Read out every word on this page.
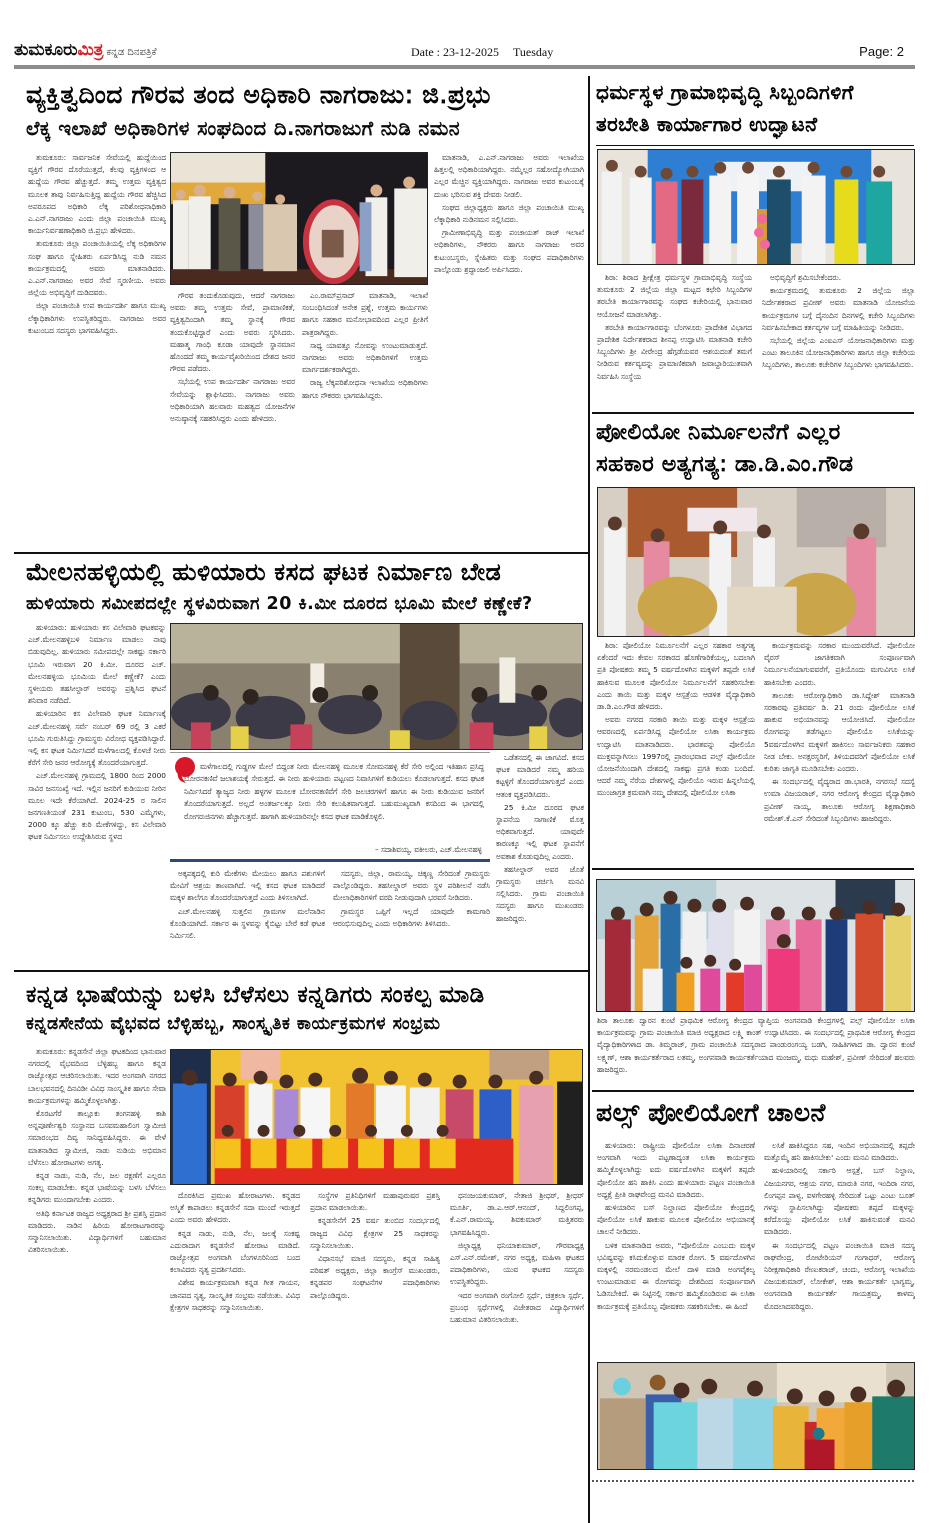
ತುಮಕೂರುಮಿತ್ರ ಕನ್ನಡ ದಿನಪತ್ರಿಕೆ	Date : 23-12-2025 Tuesday	Page: 2
ವ್ಯಕ್ತಿತ್ವದಿಂದ ಗೌರವ ತಂದ ಅಧಿಕಾರಿ ನಾಗರಾಜು: ಜಿ.ಪ್ರಭು
ಲೆಕ್ಕ ಇಲಾಖೆ ಅಧಿಕಾರಿಗಳ ಸಂಘದಿಂದ ದಿ.ನಾಗರಾಜುಗೆ ನುಡಿ ನಮನ

ತುಮಕೂರು: ಸಾರ್ವಜನಿಕ ಸೇವೆಯಲ್ಲಿ ಹುದ್ದೆಯಿಂದ ವ್ಯಕ್ತಿಗೆ ಗೌರವ ದೊರೆಯುತ್ತದೆ, ಕೆಲವು ವ್ಯಕ್ತಿಗಳಿಂದ ಆ ಹುದ್ದೆಯ ಗೌರವ ಹೆಚ್ಚುತ್ತದೆ. ತಮ್ಮ ಉತ್ತಮ ವ್ಯಕ್ತಿತ್ವದ ಮೂಲಕ ತಾವು ನಿರ್ವಹಿಸುತ್ತಿದ್ದ ಹುದ್ದೆಯ ಗೌರವ ಹೆಚ್ಚಿಸಿದ ಅಪರೂಪದ ಅಧಿಕಾರಿ ಲೆಕ್ಕ ಪರಿಶೋಧನಾಧಿಕಾರಿ ಎ.ಎನ್.ನಾಗರಾಜು ಎಂದು ಜಿಲ್ಲಾ ಪಂಚಾಯಿತಿ ಮುಖ್ಯ ಕಾರ್ಯನಿರ್ವಹಣಾಧಿಕಾರಿ ಜಿ.ಪ್ರಭು ಹೇಳಿದರು.

ತುಮಕೂರು ಜಿಲ್ಲಾ ಪಂಚಾಯಿತಿಯಲ್ಲಿ ಲೆಕ್ಕ ಅಧಿಕಾರಿಗಳ ಸಂಘ ಹಾಗೂ ಸ್ನೇಹಿತರು ಏರ್ಪಡಿಸಿದ್ದ ನುಡಿ ನಮನ ಕಾರ್ಯಕ್ರಮದಲ್ಲಿ ಅವರು ಮಾತನಾಡಿದರು. ಎ.ಎನ್.ನಾಗರಾಜು ಅವರ ಸೇವೆ ಸ್ಮರಣೀಯ. ಅವರು ಜಿಲ್ಲೆಯ ಅಭಿವೃದ್ಧಿಗೆ ದುಡಿದವರು.

ಜಿಲ್ಲಾ ಪಂಚಾಯಿತಿ ಉಪ ಕಾರ್ಯದರ್ಶಿ ಹಾಗೂ ಮುಖ್ಯ ಲೆಕ್ಕಾಧಿಕಾರಿಗಳು ಉಪಸ್ಥಿತರಿದ್ದರು. ನಾಗರಾಜು ಅವರ ಕುಟುಂಬದ ಸದಸ್ಯರು ಭಾಗವಹಿಸಿದ್ದರು.

ಗೌರವ ತಂದುಕೊಡುವುದು, ಆದರೆ ನಾಗರಾಜು ಅವರು ತಮ್ಮ ಉತ್ತಮ ಸೇವೆ, ಪ್ರಾಮಾಣಿಕತೆ, ವ್ಯಕ್ತಿತ್ವದಿಂದಾಗಿ ತಮ್ಮ ಸ್ಥಾನಕ್ಕೆ ಗೌರವ ತಂದುಕೊಟ್ಟಿದ್ದಾರೆ ಎಂದು ಅವರು ಸ್ಮರಿಸಿದರು. ಮಹಾತ್ಮ ಗಾಂಧಿ ಕೂಡಾ ಯಾವುದೇ ಸ್ಥಾನಮಾನ ಹೊಂದದೆ ತಮ್ಮ ಕಾರ್ಯವೈಖರಿಯಿಂದ ದೇಶದ ಜನರ ಗೌರವ ಪಡೆದರು.

ಸಭೆಯಲ್ಲಿ ಉಪ ಕಾರ್ಯದರ್ಶಿ ನಾಗರಾಜು ಅವರ ಸೇವೆಯನ್ನು ಶ್ಲಾಘಿಸಿದರು. ನಾಗರಾಜು ಅವರು ಅಧಿಕಾರಿಯಾಗಿ ಹಲವಾರು ಮಹತ್ವದ ಯೋಜನೆಗಳ ಅನುಷ್ಠಾನಕ್ಕೆ ಸಹಕರಿಸಿದ್ದರು ಎಂದು ಹೇಳಿದರು.

ಎಂ.ರಾಮ್‌ಪ್ರಸಾದ್ ಮಾತನಾಡಿ, ಇಲಾಖೆ ಸಂಬಂಧಿಸಿದಂತೆ ಅನೇಕ ಪ್ರಶ್ನೆ, ಉತ್ತಮ ಕಾರ್ಯಗಳು ಹಾಗೂ ಸಹಕಾರ ಮನೋಭಾವದಿಂದ ಎಲ್ಲರ ಪ್ರೀತಿಗೆ ಪಾತ್ರರಾಗಿದ್ದರು.

ಸಾಧ್ಯ ಯಾವತ್ತೂ ನೋವನ್ನು ಉಂಟುಮಾಡುತ್ತದೆ. ನಾಗರಾಜು ಅವರು ಅಧಿಕಾರಿಗಳಿಗೆ ಉತ್ತಮ ಮಾರ್ಗದರ್ಶಕರಾಗಿದ್ದರು.

ರಾಜ್ಯ ಲೆಕ್ಕಪರಿಶೋಧನಾ ಇಲಾಖೆಯ ಅಧಿಕಾರಿಗಳು ಹಾಗೂ ನೌಕರರು ಭಾಗವಹಿಸಿದ್ದರು.

ಮಾತನಾಡಿ, ಎ.ಎನ್.ನಾಗರಾಜು ಅವರು ಇಲಾಖೆಯ ಹಿತ್ತಲಲ್ಲಿ ಅಧಿಕಾರಿಯಾಗಿದ್ದರು. ನಮ್ಮೆಲ್ಲರ ಸಹೋದ್ಯೋಗಿಯಾಗಿ ಎಲ್ಲರ ಮೆಚ್ಚಿನ ವ್ಯಕ್ತಿಯಾಗಿದ್ದರು. ನಾಗರಾಜು ಅವರ ಕುಟುಂಬಕ್ಕೆ ದುಃಖ ಭರಿಸುವ ಶಕ್ತಿ ದೇವರು ನೀಡಲಿ.

ಸಂಘದ ಜಿಲ್ಲಾಧ್ಯಕ್ಷರು ಹಾಗೂ ಜಿಲ್ಲಾ ಪಂಚಾಯಿತಿ ಮುಖ್ಯ ಲೆಕ್ಕಾಧಿಕಾರಿ ನುಡಿನಮನ ಸಲ್ಲಿಸಿದರು.

ಗ್ರಾಮೀಣಾಭಿವೃದ್ಧಿ ಮತ್ತು ಪಂಚಾಯತ್ ರಾಜ್ ಇಲಾಖೆ ಅಧಿಕಾರಿಗಳು, ನೌಕರರು ಹಾಗೂ ನಾಗರಾಜು ಅವರ ಕುಟುಂಬಸ್ಥರು, ಸ್ನೇಹಿತರು ಮತ್ತು ಸಂಘದ ಪದಾಧಿಕಾರಿಗಳು ಪಾಲ್ಗೊಂಡು ಶ್ರದ್ಧಾಂಜಲಿ ಅರ್ಪಿಸಿದರು.

ಧರ್ಮಸ್ಥಳ ಗ್ರಾಮಾಭಿವೃದ್ಧಿ ಸಿಬ್ಬಂದಿಗಳಿಗೆ
ತರಬೇತಿ ಕಾರ್ಯಾಗಾರ ಉದ್ಘಾಟನೆ

ಶಿರಾ: ಶಿರಾದ ಶ್ರೀಕ್ಷೇತ್ರ ಧರ್ಮಸ್ಥಳ ಗ್ರಾಮಾಭಿವೃದ್ಧಿ ಸಂಸ್ಥೆಯ ತುಮಕೂರು 2 ಜಿಲ್ಲೆಯ ಜಿಲ್ಲಾ ಮಟ್ಟದ ಕಛೇರಿ ಸಿಬ್ಬಂದಿಗಳ ತರಬೇತಿ ಕಾರ್ಯಾಗಾರವನ್ನು ಸಂಘದ ಕಚೇರಿಯಲ್ಲಿ ಭಾನುವಾರ ಆಯೋಜನೆ ಮಾಡಲಾಗಿತ್ತು.

ತರಬೇತಿ ಕಾರ್ಯಾಗಾರವನ್ನು ಬೆಂಗಳೂರು ಪ್ರಾದೇಶಿಕ ವಿಭಾಗದ ಪ್ರಾದೇಶಿಕ ನಿರ್ದೇಶಕರಾದ ಶೀನಪ್ಪ ಉದ್ಘಾಟಿಸಿ ಮಾತನಾಡಿ ಕಚೇರಿ ಸಿಬ್ಬಂದಿಗಳು ಶ್ರೀ ವೀರೇಂದ್ರ ಹೆಗ್ಗಡೆಯವರ ಆಶಯದಂತೆ ತಮಗೆ ನೀಡಿರುವ ಕರ್ತವ್ಯವನ್ನು ಪ್ರಾಮಾಣಿಕವಾಗಿ ಜವಾಬ್ದಾರಿಯುತವಾಗಿ ನಿರ್ವಹಿಸಿ ಸಂಸ್ಥೆಯ

ಅಭಿವೃದ್ಧಿಗೆ ಶ್ರಮಿಸಬೇಕೆಂದರು.

ಕಾರ್ಯಕ್ರಮದಲ್ಲಿ ತುಮಕೂರು 2 ಜಿಲ್ಲೆಯ ಜಿಲ್ಲಾ ನಿರ್ದೇಶಕರಾದ ಪ್ರವೀಣ್ ಅವರು ಮಾತನಾಡಿ ಯೋಜನೆಯ ಕಾರ್ಯಕ್ರಮಗಳ ಬಗ್ಗೆ ದೈನಂದಿನ ದಿನಗಳಲ್ಲಿ ಕಚೇರಿ ಸಿಬ್ಬಂದಿಗಳು ನಿರ್ವಹಿಸಬೇಕಾದ ಕರ್ತವ್ಯಗಳ ಬಗ್ಗೆ ಮಾಹಿತಿಯನ್ನು ನೀಡಿದರು.

ಸಭೆಯಲ್ಲಿ ಜಿಲ್ಲೆಯ ಎಂಐಎಸ್ ಯೋಜನಾಧಿಕಾರಿಗಳು ಮತ್ತು ಎಂಟು ತಾಲೂಕಿನ ಯೋಜನಾಧಿಕಾರಿಗಳು ಹಾಗೂ ಜಿಲ್ಲಾ ಕಚೇರಿಯ ಸಿಬ್ಬಂದಿಗಳು, ತಾಲೂಕು ಕಚೇರಿಗಳ ಸಿಬ್ಬಂದಿಗಳು ಭಾಗವಹಿಸಿದರು.

ಮೇಲನಹಳ್ಳಿಯಲ್ಲಿ ಹುಳಿಯಾರು ಕಸದ ಘಟಕ ನಿರ್ಮಾಣ ಬೇಡ
ಹುಳಿಯಾರು ಸಮೀಪದಲ್ಲೇ ಸ್ಥಳವಿರುವಾಗ 20 ಕಿ.ಮೀ ದೂರದ ಭೂಮಿ ಮೇಲೆ ಕಣ್ಣೇಕೆ?

ಹುಳಿಯಾರು: ಹುಳಿಯಾರು ಕಸ ವಿಲೇವಾರಿ ಘಟಕವನ್ನು ಎಚ್.ಮೇಲನಹಳ್ಳಿಬಳಿ ನಿರ್ಮಾಣ ಮಾಡಲು ನಾವು ಬಿಡುವುದಿಲ್ಲ. ಹುಳಿಯಾರು ಸಮೀಪದಲ್ಲೇ ಸಾಕಷ್ಟು ಸರ್ಕಾರಿ ಭೂಮಿ ಇರುವಾಗ 20 ಕಿ.ಮೀ. ದೂರದ ಎಚ್. ಮೇಲನಹಳ್ಳಿಯ ಭೂಮಿಯ ಮೇಲೆ ಕಣ್ಣೇಕೆ? ಎಂದು ಸ್ಥಳೀಯರು ತಹಸೀಲ್ದಾರ್ ಅವರನ್ನು ಪ್ರಶ್ನಿಸಿದ ಘಟನೆ ಶನಿವಾರ ನಡೆದಿದೆ.

ಹುಳಿಯಾರಿನ ಕಸ ವಿಲೇವಾರಿ ಘಟಕ ನಿರ್ಮಾಣಕ್ಕೆ ಎಚ್.ಮೇಲನಹಳ್ಳಿ ಸರ್ವೆ ನಂಬರ್ 69 ರಲ್ಲಿ 3 ಎಕರೆ ಭೂಮಿ ಗುರುತಿಸಿದ್ದು ಗ್ರಾಮಸ್ಥರು ವಿರೋಧ ವ್ಯಕ್ತಪಡಿಸಿದ್ದಾರೆ. ಇಲ್ಲಿ ಕಸ ಘಟಕ ನಿರ್ಮಿಸಿದರೆ ಮಳೆಗಾಲದಲ್ಲಿ ಕೊಳಚೆ ನೀರು ಕೆರೆಗೆ ಸೇರಿ ಜನರ ಆರೋಗ್ಯಕ್ಕೆ ತೊಂದರೆಯಾಗುತ್ತದೆ.

ಎಚ್.ಮೇಲನಹಳ್ಳಿ ಗ್ರಾಮದಲ್ಲಿ 1800 ರಿಂದ 2000 ಸಾವಿರ ಜನಸಂಖ್ಯೆ ಇದೆ. ಇಲ್ಲಿನ ಜನರಿಗೆ ಕುಡಿಯುವ ನೀರಿನ ಮೂಲ ಇದೇ ಕೆರೆಯಾಗಿದೆ. 2024-25 ರ ಸಾಲಿನ ಜನಗಣತಿಯಂತೆ 231 ಕುಟುಂಬ, 530 ಎಮ್ಮೆಗಳು, 2000 ಕ್ಕೂ ಹೆಚ್ಚು ಕುರಿ ಮೇಕೆಗಳಿದ್ದು, ಕಸ ವಿಲೇವಾರಿ ಘಟಕ ನಿರ್ಮಿಸಲು ಉದ್ದೇಶಿಸಿರುವ ಸ್ಥಳದ

ಮಳೆಗಾಲದಲ್ಲಿ ಗುಡ್ಡಗಳ ಮೇಲೆ ಬಿದ್ದಂತ ನೀರು ಮೇಲನಹಳ್ಳಿ ಮೂಲಕ ಸೋಮನಹಳ್ಳಿ ಕೆರೆ ಸೇರಿ ಅಲ್ಲಿಂದ ಇತಿಹಾಸ ಪ್ರಸಿದ್ಧ ಬೋರನಕಣಿವೆ ಜಲಾಶಯಕ್ಕೆ ಸೇರುತ್ತದೆ. ಈ ನೀರು ಹುಳಿಯಾರು ಪಟ್ಟಣದ ನಿವಾಸಿಗಳಿಗೆ ಕುಡಿಯಲು ಕೊಡಲಾಗುತ್ತದೆ. ಕಸದ ಘಟಕ ನಿರ್ಮಿಸಿದರೆ ತ್ಯಾಜ್ಯದ ನೀರು ಹಳ್ಳಗಳ ಮೂಲಕ ಬೋರನಕಣಿವೆಗೆ ಸೇರಿ ಜಲಚರಗಳಿಗೆ ಹಾಗೂ ಈ ನೀರು ಕುಡಿಯುವ ಜನರಿಗೆ ತೊಂದರೆಯಾಗುತ್ತದೆ. ಅಲ್ಲದೆ ಅಂತರ್ಜಲಕ್ಕೂ ನೀರು ಸೇರಿ ಕಲುಷಿತವಾಗುತ್ತದೆ. ಬಹುಮುಖ್ಯವಾಗಿ ಕಸದಿಂದ ಈ ಭಾಗದಲ್ಲಿ ರೋಗರುಜಿನಗಳು ಹೆಚ್ಚಾಗುತ್ತವೆ. ಹಾಗಾಗಿ ಹುಳಿಯಾರಿನಲ್ಲೇ ಕಸದ ಘಟಕ ಮಾಡಿಕೊಳ್ಳಲಿ.
– ಸದಾಶಿವಯ್ಯ, ವಕೀಲರು, ಎಚ್.ಮೇಲನಹಳ್ಳಿ

ಒಡೆತನದಲ್ಲಿ ಈ ಜಾಗವಿದೆ. ಕಸದ ಘಟಕ ಮಾಡಿದರೆ ನಮ್ಮ ಹರಿಯ ಕಟ್ಟಳ್ಳಿಗೆ ತೊಂದರೆಯಾಗುತ್ತದೆ ಎಂದು ಆತಂಕ ವ್ಯಕ್ತಪಡಿಸಿದರು.

25 ಕಿ.ಮೀ ದೂರದ ಘಟಕ ಸ್ಥಾಪನೆಯ ಸಾಗಾಣಿಕೆ ಮೊತ್ತ ಅಧಿಕವಾಗುತ್ತದೆ. ಯಾವುದೇ ಕಾರಣಕ್ಕೂ ಇಲ್ಲಿ ಘಟಕ ಸ್ಥಾಪನೆಗೆ ಅವಕಾಶ ಕೊಡುವುದಿಲ್ಲ ಎಂದರು.

ತಹಸೀಲ್ದಾರ್ ಅವರ ಜೊತೆ ಗ್ರಾಮಸ್ಥರು ಚರ್ಚಿಸಿ ಮನವಿ ಸಲ್ಲಿಸಿದರು. ಗ್ರಾಮ ಪಂಚಾಯಿತಿ ಸದಸ್ಯರು ಹಾಗೂ ಮುಖಂಡರು ಹಾಜರಿದ್ದರು.

ಅಕ್ಕಪಕ್ಕದಲ್ಲಿ ಕುರಿ ಮೇಕೆಗಳು ಮೇಯಲು ಹಾಗೂ ಪಶುಗಳಿಗೆ ಮೇವಿಗೆ ಆಶ್ರಯ ತಾಣವಾಗಿದೆ. ಇಲ್ಲಿ ಕಸದ ಘಟಕ ಮಾಡಿದರೆ ಮಕ್ಕಳ ಶಾಲೆಗೂ ತೊಂದರೆಯಾಗುತ್ತದೆ ಎಂದು ತಿಳಿಸಲಾಗಿದೆ.

ಎಚ್.ಮೇಲನಹಳ್ಳಿ ಸುತ್ತಲಿನ ಗ್ರಾಮಗಳ ಮಲೆನಾಡಿನ ಕೊಂಡಿಯಾಗಿದೆ. ಸರ್ಕಾರ ಈ ಸ್ಥಳವನ್ನು ಕೈಬಿಟ್ಟು ಬೇರೆ ಕಡೆ ಘಟಕ ನಿರ್ಮಿಸಲಿ.

ಸದಸ್ಯರು, ಜಿಲ್ಲಾ, ರಾಮಯ್ಯ, ಚಿಕ್ಕಣ್ಣ ಸೇರಿದಂತೆ ಗ್ರಾಮಸ್ಥರು ಪಾಲ್ಗೊಂಡಿದ್ದರು. ತಹಸೀಲ್ದಾರ್ ಅವರು ಸ್ಥಳ ಪರಿಶೀಲನೆ ನಡೆಸಿ ಮೇಲಾಧಿಕಾರಿಗಳಿಗೆ ವರದಿ ನೀಡುವುದಾಗಿ ಭರವಸೆ ನೀಡಿದರು.

ಗ್ರಾಮಸ್ಥರ ಒಪ್ಪಿಗೆ ಇಲ್ಲದೆ ಯಾವುದೇ ಕಾಮಗಾರಿ ಆರಂಭಿಸುವುದಿಲ್ಲ ಎಂದು ಅಧಿಕಾರಿಗಳು ತಿಳಿಸಿದರು.

ಪೋಲಿಯೋ ನಿರ್ಮೂಲನೆಗೆ ಎಲ್ಲರ
ಸಹಕಾರ ಅತ್ಯಗತ್ಯ: ಡಾ.ಡಿ.ಎಂ.ಗೌಡ

ಶಿರಾ: ಪೋಲಿಯೋ ನಿರ್ಮೂಲನೆಗೆ ಎಲ್ಲರ ಸಹಕಾರ ಅತ್ಯಗತ್ಯ ಏಕೆಂದರೆ ಇದು ಕೇವಲ ಸರಕಾರದ ಹೊಣೆಗಾರಿಕೆಯಲ್ಲ, ಬದಲಾಗಿ ಪ್ರತಿ ಪೋಷಕರು ತಮ್ಮ 5 ವರ್ಷದೊಳಗಿನ ಮಕ್ಕಳಿಗೆ ತಪ್ಪದೇ ಲಸಿಕೆ ಹಾಕಿಸುವ ಮೂಲಕ ಪೋಲಿಯೋ ನಿರ್ಮೂಲನೆಗೆ ಸಹಕರಿಸಬೇಕು ಎಂದು ತಾಯಿ ಮತ್ತು ಮಕ್ಕಳ ಆಸ್ಪತ್ರೆಯ ಆಡಳಿತ ವೈದ್ಯಾಧಿಕಾರಿ ಡಾ.ಡಿ.ಎಂ.ಗೌಡ ಹೇಳಿದರು.

ಅವರು ನಗರದ ಸರಕಾರಿ ತಾಯಿ ಮತ್ತು ಮಕ್ಕಳ ಆಸ್ಪತ್ರೆಯ ಆವರಣದಲ್ಲಿ ಏರ್ಪಡಿಸಿದ್ದ ಪೋಲಿಯೋ ಲಸಿಕಾ ಕಾರ್ಯಕ್ರಮ ಉದ್ಘಾಟಿಸಿ ಮಾತನಾಡಿದರು. ಭಾರತವನ್ನು ಪೋಲಿಯೊ ಮುಕ್ತವನ್ನಾಗಿಸಲು 1997ರಲ್ಲಿ ಪ್ರಾರಂಭವಾದ ಪಲ್ಸ್ ಪೋಲಿಯೋ ಯೋಜನೆಯಿಂದಾಗಿ ದೇಶದಲ್ಲಿ ಸಾಕಷ್ಟು ಪ್ರಗತಿ ಕಂಡು ಬಂದಿದೆ. ಆದರೆ ನಮ್ಮ ನೆರೆಯ ದೇಶಗಳಲ್ಲಿ ಪೋಲಿಯೊ ಇರುವ ಹಿನ್ನಲೆಯಲ್ಲಿ ಮುಂಜಾಗ್ರತ ಕ್ರಮವಾಗಿ ನಮ್ಮ ದೇಶದಲ್ಲಿ ಪೋಲಿಯೋ ಲಸಿಕಾ

ಕಾರ್ಯಕ್ರಮವನ್ನು ಸರಕಾರ ಮುಂದುವರೆಸಿದೆ. ಪೋಲಿಯೋ ವೈರಸ್ ಜಾಗತಿಕವಾಗಿ ಸಂಪೂರ್ಣವಾಗಿ ನಿರ್ಮೂಲನೆಯಾಗುವವರೆಗೆ, ಪ್ರತಿಯೊಂದು ಮಗುವಿಗೂ ಲಸಿಕೆ ಹಾಕಿಸಬೇಕು ಎಂದರು.

ತಾಲೂಕು ಆರೋಗ್ಯಾಧಿಕಾರಿ ಡಾ.ಸಿದ್ದೇಶ್ ಮಾತನಾಡಿ ಸರಕಾರವು ಪ್ರತಿವರ್ಷ ಡಿ. 21 ರಂದು ಪೋಲಿಯೋ ಲಸಿಕೆ ಹಾಕುವ ಅಭಿಯಾನವನ್ನು ಆಯೋಜಿಸಿದೆ. ಪೋಲಿಯೋ ರೋಗವನ್ನು ತಡೆಗಟ್ಟಲು ಪೋಲಿಯೊ ಲಸಿಕೆಯನ್ನು 5ವರ್ಷದೊಳಗಿನ ಮಕ್ಕಳಿಗೆ ಹಾಕಿಸಲು ಸಾರ್ವಜನಿಕರು ಸಹಕಾರ ನೀಡ ಬೇಕು. ಅನಕ್ಷರಸ್ಥರಿಗೆ, ತಿಳಿಯದವರಿಗೆ ಪೋಲಿಯೋ ಲಸಿಕೆ ಕುರಿತು ಜಾಗೃತಿ ಮೂಡಿಸಬೇಕು ಎಂದರು.

ಈ ಸಂದರ್ಭದಲ್ಲಿ ವೈದ್ಯರಾದ ಡಾ.ಭಾರತಿ, ನಗರಸಭೆ ಸದಸ್ಯೆ ಉಮಾ ವಿಜಯರಾಜ್, ನಗರ ಆರೋಗ್ಯ ಕೇಂದ್ರದ ವೈದ್ಯಾಧಿಕಾರಿ ಪ್ರವೀಣ್ ನಾಯ್ಕ, ತಾಲೂಕು ಆರೋಗ್ಯ ಶಿಕ್ಷಣಾಧಿಕಾರಿ ರಮೇಶ್.ಕೆ.ಎನ್ ಸೇರಿದಂತೆ ಸಿಬ್ಬಂದಿಗಳು ಹಾಜರಿದ್ದರು.

ಶಿರಾ ತಾಲೂಕು ದ್ವಾರನ ಕುಂಟೆ ಪ್ರಾಥಮಿಕ ಆರೋಗ್ಯ ಕೇಂದ್ರದ ವ್ಯಾಪ್ತಿಯ ಅಂಗನವಾಡಿ ಕೇಂದ್ರಗಳಲ್ಲಿ ಪಲ್ಸ್ ಪೋಲಿಯೋ ಲಸಿಕಾ ಕಾರ್ಯಕ್ರಮವನ್ನು ಗ್ರಾಮ ಪಂಚಾಯಿತಿ ಮಾಜಿ ಅಧ್ಯಕ್ಷರಾದ ಲಕ್ಷ್ಮಿ ಕಾಂತ್ ಉದ್ಘಾಟಿಸಿದರು. ಈ ಸಂದರ್ಭದಲ್ಲಿ ಪ್ರಾಥಮಿಕ ಆರೋಗ್ಯ ಕೇಂದ್ರದ ವೈದ್ಯಾಧಿಕಾರಿಗಳಾದ ಡಾ. ತಿಮ್ಮರಾಜ್, ಗ್ರಾಮ ಪಂಚಾಯಿತಿ ಸದಸ್ಯರಾದ ಪಾಂಡುರಂಗಯ್ಯ ಬಡಗಿ, ಸಾಹಿತಿಗಳಾದ ಡಾ. ದ್ವಾರನ ಕುಂಟೆ ಲಕ್ಷ್ಮಣ್, ಆಶಾ ಕಾರ್ಯಕರ್ತೆರಾದ ಲತಮ್ಮ, ಅಂಗನವಾಡಿ ಕಾರ್ಯಕರ್ತೆಯಾದ ಮಂಜಮ್ಮ, ಮಧು ಮಹೇಶ್, ಪ್ರವೀಣ್ ಸೇರಿದಂತೆ ಹಲವರು ಹಾಜರಿದ್ದರು.

ಕನ್ನಡ ಭಾಷೆಯನ್ನು ಬಳಸಿ ಬೆಳೆಸಲು ಕನ್ನಡಿಗರು ಸಂಕಲ್ಪ ಮಾಡಿ
ಕನ್ನಡಸೇನೆಯ ವೈಭವದ ಬೆಳ್ಳಿಹಬ್ಬ, ಸಾಂಸ್ಕೃತಿಕ ಕಾರ್ಯಕ್ರಮಗಳ ಸಂಭ್ರಮ

ತುಮಕೂರು: ಕನ್ನಡಸೇನೆ ಜಿಲ್ಲಾ ಘಟಕದಿಂದ ಭಾನುವಾರ ನಗರದಲ್ಲಿ ವೈಭವದಿಂದ ಬೆಳ್ಳಿಹಬ್ಬ ಹಾಗೂ ಕನ್ನಡ ರಾಜ್ಯೋತ್ಸವ ಆಚರಿಸಲಾಯಿತು. ಇದರ ಅಂಗವಾಗಿ ನಗರದ ಬಾಲಭವನದಲ್ಲಿ ದಿನವಿಡೀ ವಿವಿಧ ಸಾಂಸ್ಕೃತಿಕ ಹಾಗೂ ಸೇವಾ ಕಾರ್ಯಕ್ರಮಗಳನ್ನು ಹಮ್ಮಿಕೊಳ್ಳಲಾಗಿತ್ತು.

ಕೊರಟಗೆರೆ ತಾಲ್ಲೂಕು ತಂಗನಹಳ್ಳಿ ಕಾಶಿ ಅನ್ನಪೂರ್ಣೇಶ್ವರಿ ಸಂಸ್ಥಾನದ ಬಸವಮಹಾಲಿಂಗ ಸ್ವಾಮೀಜಿ ಸಮಾರಂಭದ ದಿವ್ಯ ಸಾನಿಧ್ಯವಹಿಸಿದ್ದರು. ಈ ವೇಳೆ ಮಾತನಾಡಿದ ಸ್ವಾಮೀಜಿ, ನಾಡು ನುಡಿಯ ಅಭಿಮಾನ ಬೆಳೆಸಲು ಹೋರಾಟಗಳು ಅಗತ್ಯ.

ಕನ್ನಡ ನಾಡು, ನುಡಿ, ನೆಲ, ಜಲ ರಕ್ಷಣೆಗೆ ಎಲ್ಲರೂ ಸಂಕಲ್ಪ ಮಾಡಬೇಕು. ಕನ್ನಡ ಭಾಷೆಯನ್ನು ಬಳಸಿ ಬೆಳೆಸಲು ಕನ್ನಡಿಗರು ಮುಂದಾಗಬೇಕು ಎಂದರು.

ಅತಿಥಿ ಕರ್ನಾಟಕ ರಾಜ್ಯದ ಅಧ್ಯಕ್ಷರಾದ ಶ್ರೀ ಪ್ರಶಸ್ತಿ ಪ್ರದಾನ ಮಾಡಿದರು. ನಾಡಿನ ಹಿರಿಯ ಹೋರಾಟಗಾರರನ್ನು ಸನ್ಮಾನಿಸಲಾಯಿತು. ವಿದ್ಯಾರ್ಥಿಗಳಿಗೆ ಬಹುಮಾನ ವಿತರಿಸಲಾಯಿತು.

ದೊರಕಿಸಿದ ಪ್ರಮುಖ ಹೋರಾಟಗಳು. ಕನ್ನಡದ ಅಸ್ಮಿತೆ ಕಾಪಾಡಲು ಕನ್ನಡಸೇನೆ ಸದಾ ಮುಂದೆ ಇರುತ್ತದೆ ಎಂದು ಅವರು ಹೇಳಿದರು.

ಕನ್ನಡ ನಾಡು, ನುಡಿ, ನೆಲ, ಜಲಕ್ಕೆ ಸಂಕಷ್ಟ ಎದುರಾದಾಗ ಕನ್ನಡಸೇನೆ ಹೋರಾಟ ಮಾಡಿದೆ. ರಾಜ್ಯೋತ್ಸವ ಅಂಗವಾಗಿ ಬೆಂಗಳೂರಿನಿಂದ ಬಂದ ಕಲಾವಿದರು ನೃತ್ಯ ಪ್ರದರ್ಶಿಸಿದರು.

ವಿಶೇಷ ಕಾರ್ಯಕ್ರಮವಾಗಿ ಕನ್ನಡ ಗೀತ ಗಾಯನ, ಜಾನಪದ ನೃತ್ಯ, ಸಾಂಸ್ಕೃತಿಕ ಸಂಭ್ರಮ ನಡೆಯಿತು. ವಿವಿಧ ಕ್ಷೇತ್ರಗಳ ಸಾಧಕರನ್ನು ಸನ್ಮಾನಿಸಲಾಯಿತು.

ಸಂಸ್ಥೆಗಳ ಪ್ರತಿನಿಧಿಗಳಿಗೆ ಮಹಾಪುರುಷರ ಪ್ರಶಸ್ತಿ ಪ್ರದಾನ ಮಾಡಲಾಯಿತು.

ಕನ್ನಡಸೇನೆಗೆ 25 ವರ್ಷ ತುಂಬಿದ ಸಂದರ್ಭದಲ್ಲಿ ರಾಜ್ಯದ ವಿವಿಧ ಕ್ಷೇತ್ರಗಳ 25 ಸಾಧಕರನ್ನು ಸನ್ಮಾನಿಸಲಾಯಿತು.

ವಿಧಾನಸಭೆ ಮಾಜಿ ಸದಸ್ಯರು, ಕನ್ನಡ ಸಾಹಿತ್ಯ ಪರಿಷತ್ ಅಧ್ಯಕ್ಷರು, ಜಿಲ್ಲಾ ಕಾಂಗ್ರೆಸ್ ಮುಖಂಡರು, ಕನ್ನಡಪರ ಸಂಘಟನೆಗಳ ಪದಾಧಿಕಾರಿಗಳು ಪಾಲ್ಗೊಂಡಿದ್ದರು.

ಧನಂಜಯಕುಮಾರ್, ನೇತಾಜಿ ಶ್ರೀಧರ್, ಶ್ರೀಧರ್ ಮೂರ್ತಿ, ಡಾ.ಎ.ಆರ್.ಆನಂದ್, ಸಿದ್ದಲಿಂಗಪ್ಪ, ಕೆ.ಎನ್.ರಾಮಯ್ಯ, ಶಿವಕುಮಾರ್ ಮತ್ತಿತರರು ಭಾಗವಹಿಸಿದ್ದರು.

ಜಿಲ್ಲಾಧ್ಯಕ್ಷ ಧನಿಯಾಕುಮಾರ್, ಗೌರವಾಧ್ಯಕ್ಷ ಎಸ್.ಎನ್.ರಮೇಶ್, ನಗರ ಅಧ್ಯಕ್ಷ, ಮಹಿಳಾ ಘಟಕದ ಪದಾಧಿಕಾರಿಗಳು, ಯುವ ಘಟಕದ ಸದಸ್ಯರು ಉಪಸ್ಥಿತರಿದ್ದರು.

ಇದರ ಅಂಗವಾಗಿ ರಂಗೋಲಿ ಸ್ಪರ್ಧೆ, ಚಿತ್ರಕಲಾ ಸ್ಪರ್ಧೆ, ಪ್ರಬಂಧ ಸ್ಪರ್ಧೆಗಳಲ್ಲಿ ವಿಜೇತರಾದ ವಿದ್ಯಾರ್ಥಿಗಳಿಗೆ ಬಹುಮಾನ ವಿತರಿಸಲಾಯಿತು.

ಪಲ್ಸ್ ಪೋಲಿಯೋಗೆ ಚಾಲನೆ

ಹುಳಿಯಾರು: ರಾಷ್ಟ್ರೀಯ ಪೋಲಿಯೋ ಲಸಿಕಾ ದಿನಾಚರಣೆ ಅಂಗವಾಗಿ ಇಂದು ಪಟ್ಟಣಾದ್ಯಂತ ಲಸಿಕಾ ಕಾರ್ಯಕ್ರಮ ಹಮ್ಮಿಕೊಳ್ಳಲಾಗಿದ್ದು ಐದು ವರ್ಷದೊಳಗಿನ ಮಕ್ಕಳಿಗೆ ತಪ್ಪದೇ ಪೋಲಿಯೋ ಹನಿ ಹಾಕಿಸಿ ಎಂದು ಹುಳಿಯಾರು ಪಟ್ಟಣ ಪಂಚಾಯಿತಿ ಅಧ್ಯಕ್ಷೆ ಪ್ರೀತಿ ರಾಘವೇಂದ್ರ ಮನವಿ ಮಾಡಿದರು.

ಹುಳಿಯಾರಿನ ಬಸ್ ನಿಲ್ದಾಣದ ಪೋಲಿಯೋ ಕೇಂದ್ರದಲ್ಲಿ ಪೋಲಿಯೋ ಲಸಿಕೆ ಹಾಕುವ ಮೂಲಕ ಪೋಲಿಯೋ ಅಭಿಯಾನಕ್ಕೆ ಚಾಲನೆ ನೀಡಿದರು.

ಬಳಿಕ ಮಾತನಾಡಿದ ಅವರು, "ಪೋಲಿಯೋ ಎಂಬುದು ಮಕ್ಕಳ ಭವಿಷ್ಯವನ್ನು ಕಸಿದುಕೊಳ್ಳುವ ಮಾರಕ ರೋಗ. 5 ವರ್ಷದೊಳಗಿನ ಮಕ್ಕಳಲ್ಲಿ ನರಮಂಡಲದ ಮೇಲೆ ದಾಳಿ ಮಾಡಿ ಅಂಗವೈಕಲ್ಯ ಉಂಟುಮಾಡುವ ಈ ರೋಗವನ್ನು ದೇಶದಿಂದ ಸಂಪೂರ್ಣವಾಗಿ ಓಡಿಸಬೇಕಿದೆ. ಈ ನಿಟ್ಟಿನಲ್ಲಿ ಸರ್ಕಾರ ಹಮ್ಮಿಕೊಂಡಿರುವ ಈ ಲಸಿಕಾ ಕಾರ್ಯಕ್ರಮಕ್ಕೆ ಪ್ರತಿಯೊಬ್ಬ ಪೋಷಕರು ಸಹಕರಿಸಬೇಕು. ಈ ಹಿಂದೆ

ಲಸಿಕೆ ಹಾಕಿಸಿದ್ದರೂ ಸಹ, ಇಂದಿನ ಅಭಿಯಾನದಲ್ಲಿ ತಪ್ಪದೇ ಮತ್ತೊಮ್ಮೆ ಹನಿ ಹಾಕಿಸಬೇಕು' ಎಂದು ಮನವಿ ಮಾಡಿದರು.

ಹುಳಿಯಾರಿನಲ್ಲಿ ಸರ್ಕಾರಿ ಆಸ್ಪತ್ರೆ, ಬಸ್ ನಿಲ್ದಾಣ, ವಿಜಯನಗರ, ಆಶ್ರಯ ನಗರ, ಮಾರುತಿ ನಗರ, ಇಂದಿರಾ ನಗರ, ಲಿಂಗಪ್ಪನ ಪಾಳ್ಯ, ವಳಗೇರಹಳ್ಳಿ ಸೇರಿದಂತೆ ಒಟ್ಟು ಎಂಟು ಬೂತ್ ಗಳನ್ನು ಸ್ಥಾಪಿಸಲಾಗಿದ್ದು ಪೋಷಕರು ತಪ್ಪದೆ ಮಕ್ಕಳನ್ನು ಕರೆದೊಯ್ದು ಪೋಲಿಯೋ ಲಸಿಕೆ ಹಾಕಿಸುವಂತೆ ಮನವಿ ಮಾಡಿದರು.

ಈ ಸಂದರ್ಭದಲ್ಲಿ ಪಟ್ಟಣ ಪಂಚಾಯಿತಿ ಮಾಜಿ ಸದಸ್ಯ ರಾಘವೇಂದ್ರ, ರೋಟೇರಿಯನ್ ಗಂಗಾಧರ್, ಆರೋಗ್ಯ ನಿರೀಕ್ಷಣಾಧಿಕಾರಿ ರೇಣುಕರಾಜ್, ಚಂದು, ಆರೋಗ್ಯ ಇಲಾಖೆಯ ವಿಜಯಕುಮಾರ್, ಲೋಕೇಶ್, ಆಶಾ ಕಾರ್ಯಕರ್ತೆ ಭಾಗ್ಯಮ್ಮ, ಅಂಗನವಾಡಿ ಕಾರ್ಯಕರ್ತೆ ಗಾಯತ್ರಮ್ಮ, ಕಾಳಮ್ಮ ಮೊದಲಾದವರಿದ್ದರು.
